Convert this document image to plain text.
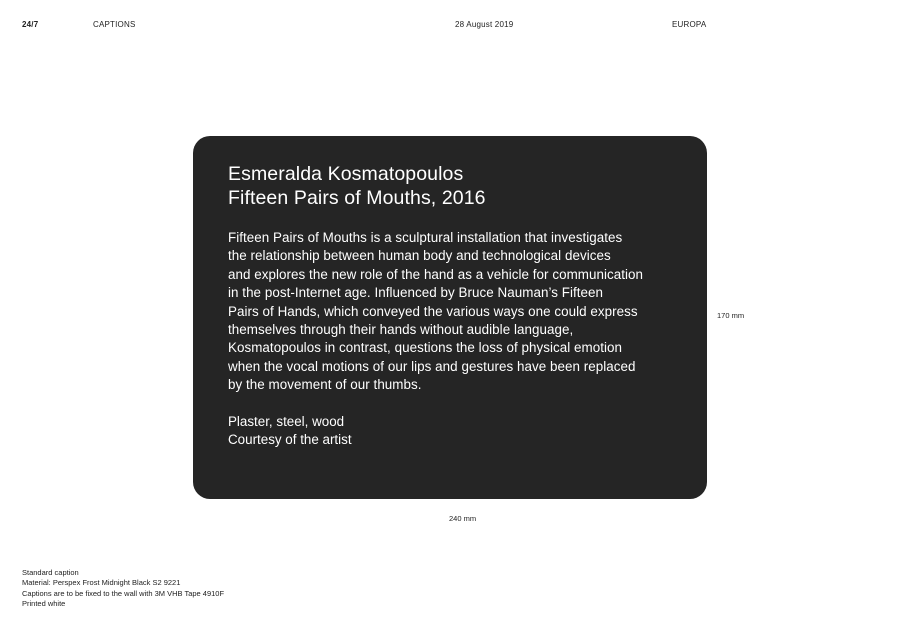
24/7	CAPTIONS	28 August 2019	EUROPA
Esmeralda Kosmatopoulos
Fifteen Pairs of Mouths, 2016
Fifteen Pairs of Mouths is a sculptural installation that investigates
the relationship between human body and technological devices
and explores the new role of the hand as a vehicle for communication
in the post-Internet age. Influenced by Bruce Nauman’s Fifteen
Pairs of Hands, which conveyed the various ways one could express
themselves through their hands without audible language,
Kosmatopoulos in contrast, questions the loss of physical emotion
when the vocal motions of our lips and gestures have been replaced
by the movement of our thumbs.
Plaster, steel, wood
Courtesy of the artist
170 mm
240 mm
Standard caption
Material: Perspex Frost Midnight Black S2 9221
Captions are to be fixed to the wall with 3M VHB Tape 4910F
Printed white
